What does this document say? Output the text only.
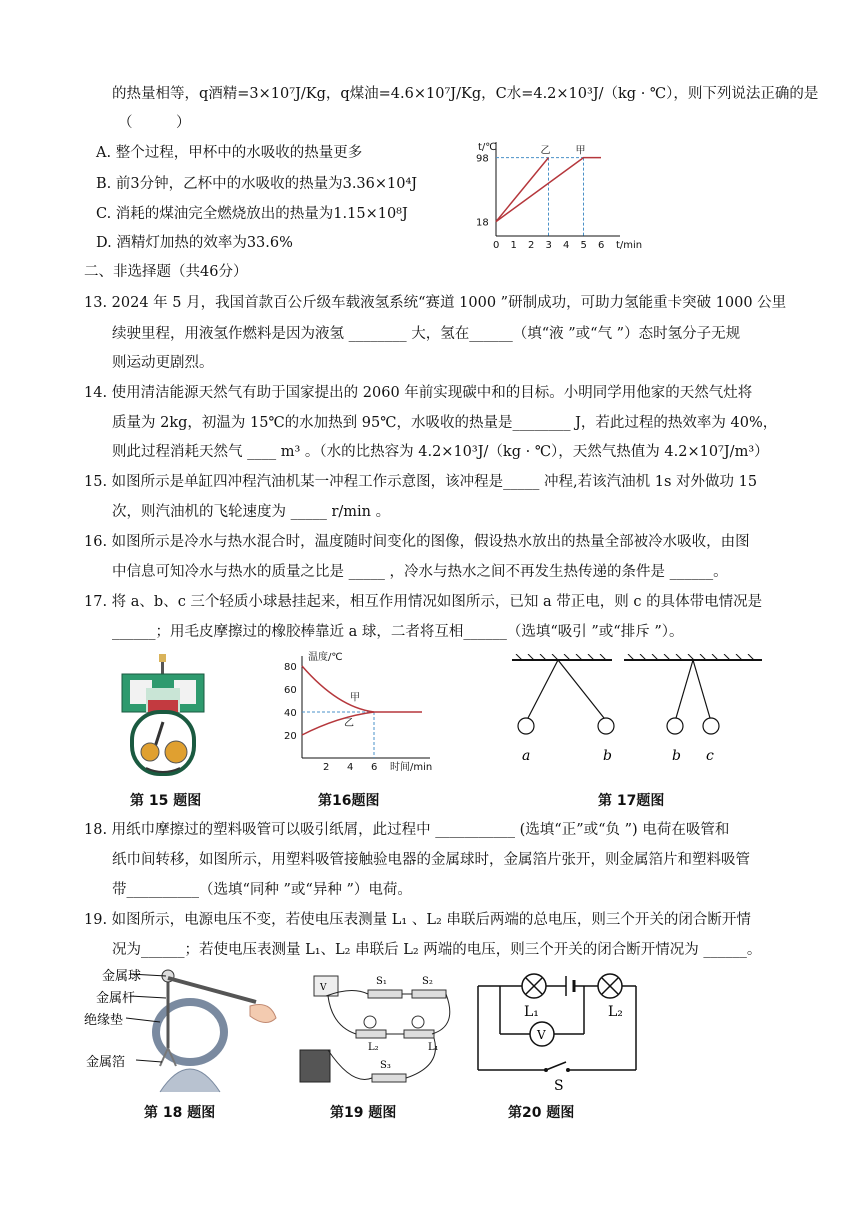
的热量相等，q酒精=3×10⁷J/Kg，q煤油=4.6×10⁷J/Kg，C水=4.2×10³J/（kg · ℃），则下列说法正确的是
（　　　）
A. 整个过程，甲杯中的水吸收的热量更多
B. 前3分钟，乙杯中的水吸收的热量为3.36×10⁴J
C. 消耗的煤油完全燃烧放出的热量为1.15×10⁸J
D. 酒精灯加热的效率为33.6%
t/℃
t/min
0 1 2 3 4 5 6
18
98
乙	甲
二、非选择题（共46分）
13. 2024 年 5 月，我国首款百公斤级车载液氢系统“赛道 1000 ”研制成功，可助力氢能重卡突破 1000 公里
续驶里程，用液氢作燃料是因为液氢 ________ 大，氢在______（填“液 ”或“气 ”）态时氢分子无规
则运动更剧烈。
14. 使用清洁能源天然气有助于国家提出的 2060 年前实现碳中和的目标。小明同学用他家的天然气灶将
质量为 2kg，初温为 15℃的水加热到 95℃，水吸收的热量是________ J，若此过程的热效率为 40%，
则此过程消耗天然气 ____ m³ 。（水的比热容为 4.2×10³J/（kg · ℃），天然气热值为 4.2×10⁷J/m³）
15. 如图所示是单缸四冲程汽油机某一冲程工作示意图，该冲程是_____ 冲程,若该汽油机 1s 对外做功 15
次，则汽油机的飞轮速度为 _____ r/min 。
16. 如图所示是冷水与热水混合时，温度随时间变化的图像，假设热水放出的热量全部被冷水吸收，由图
中信息可知冷水与热水的质量之比是 _____ ，冷水与热水之间不再发生热传递的条件是 ______。
17. 将 a、b、c 三个轻质小球悬挂起来，相互作用情况如图所示，已知 a 带正电，则 c 的具体带电情况是
______；用毛皮摩擦过的橡胶棒靠近 a 球，二者将互相______（选填“吸引 ”或“排斥 ”）。
温度/℃
时间/min
80
60
40
20
2 4 6
甲
乙
a	b	b c
第 15 题图	第16题图	第 17题图
18. 用纸巾摩擦过的塑料吸管可以吸引纸屑，此过程中 ___________ (选填“正”或“负 ”) 电荷在吸管和
纸巾间转移，如图所示，用塑料吸管接触验电器的金属球时，金属箔片张开，则金属箔片和塑料吸管
带__________（选填“同种 ”或“异种 ”）电荷。
19. 如图所示，电源电压不变，若使电压表测量 L₁ 、L₂ 串联后两端的总电压，则三个开关的闭合断开情
况为______；若使电压表测量 L₁、L₂ 串联后 L₂ 两端的电压，则三个开关的闭合断开情况为 ______。
金属球
金属杆
绝缘垫
金属箔
V
S₁	S₂
L₂	L₁
S₃
L₁	L₂
V
S
第 18 题图	第19 题图	第20 题图
